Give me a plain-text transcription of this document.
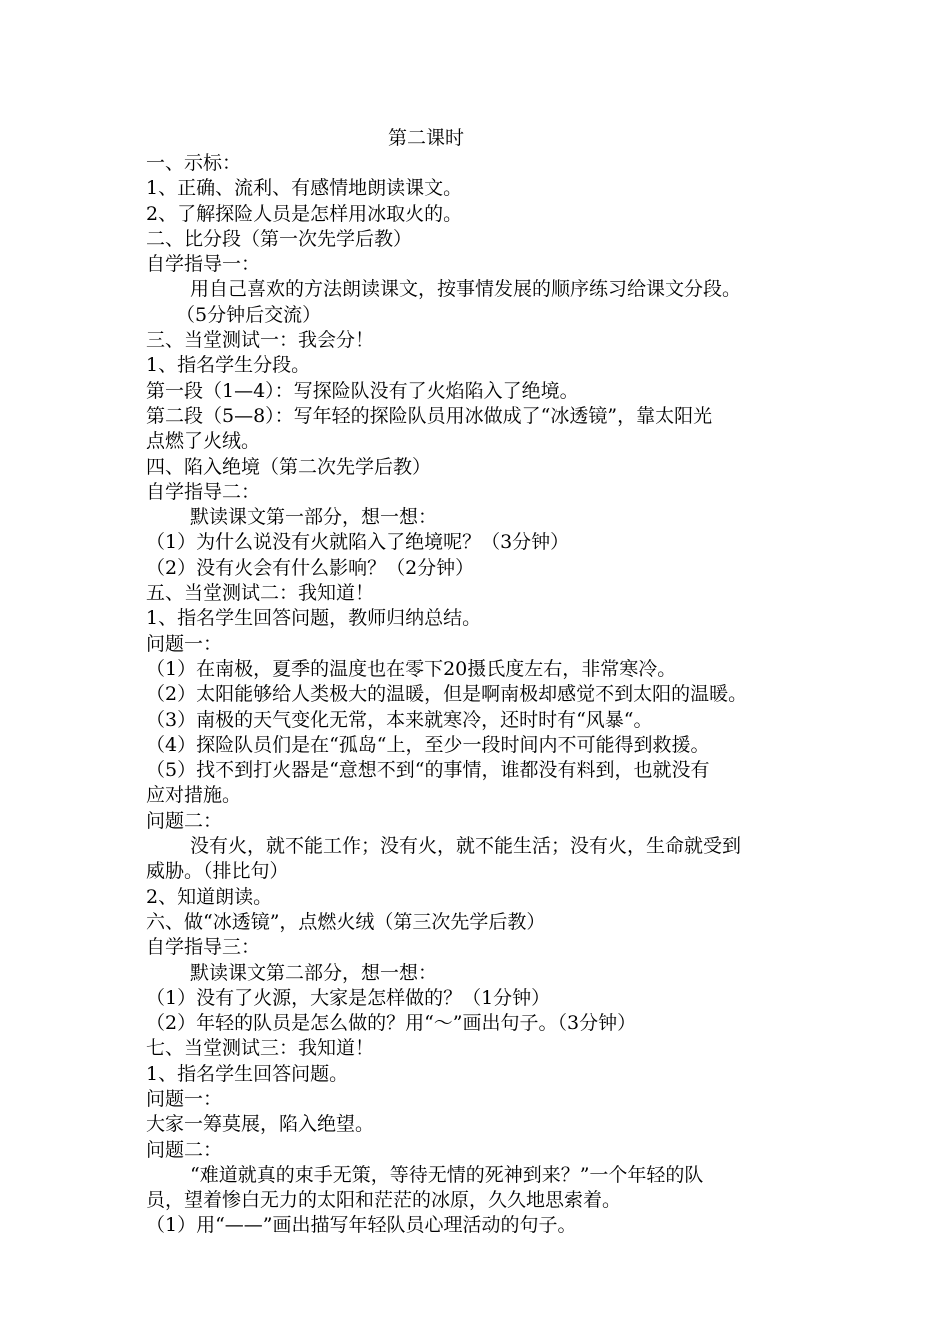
第二课时
一、示标：
1、正确、流利、有感情地朗读课文。
2、了解探险人员是怎样用冰取火的。
二、比分段（第一次先学后教）
自学指导一：
用自己喜欢的方法朗读课文，按事情发展的顺序练习给课文分段。
（5分钟后交流）
三、当堂测试一：我会分！
1、指名学生分段。
第一段（1—4）：写探险队没有了火焰陷入了绝境。
第二段（5—8）：写年轻的探险队员用冰做成了“冰透镜”，靠太阳光
点燃了火绒。
四、陷入绝境（第二次先学后教）
自学指导二：
默读课文第一部分，想一想：
（1）为什么说没有火就陷入了绝境呢？（3分钟）
（2）没有火会有什么影响？（2分钟）
五、当堂测试二：我知道！
1、指名学生回答问题，教师归纳总结。
问题一：
（1）在南极，夏季的温度也在零下20摄氏度左右，非常寒冷。
（2）太阳能够给人类极大的温暖，但是啊南极却感觉不到太阳的温暖。
（3）南极的天气变化无常，本来就寒冷，还时时有“风暴“。
（4）探险队员们是在“孤岛“上，至少一段时间内不可能得到救援。
（5）找不到打火器是“意想不到“的事情，谁都没有料到，也就没有
应对措施。
问题二：
没有火，就不能工作；没有火，就不能生活；没有火，生命就受到
威胁。（排比句）
2、知道朗读。
六、做“冰透镜”，点燃火绒（第三次先学后教）
自学指导三：
默读课文第二部分，想一想：
（1）没有了火源，大家是怎样做的？（1分钟）
（2）年轻的队员是怎么做的？用“～”画出句子。（3分钟）
七、当堂测试三：我知道！
1、指名学生回答问题。
问题一：
大家一筹莫展，陷入绝望。
问题二：
“难道就真的束手无策，等待无情的死神到来？”一个年轻的队
员，望着惨白无力的太阳和茫茫的冰原，久久地思索着。
（1）用“——”画出描写年轻队员心理活动的句子。
